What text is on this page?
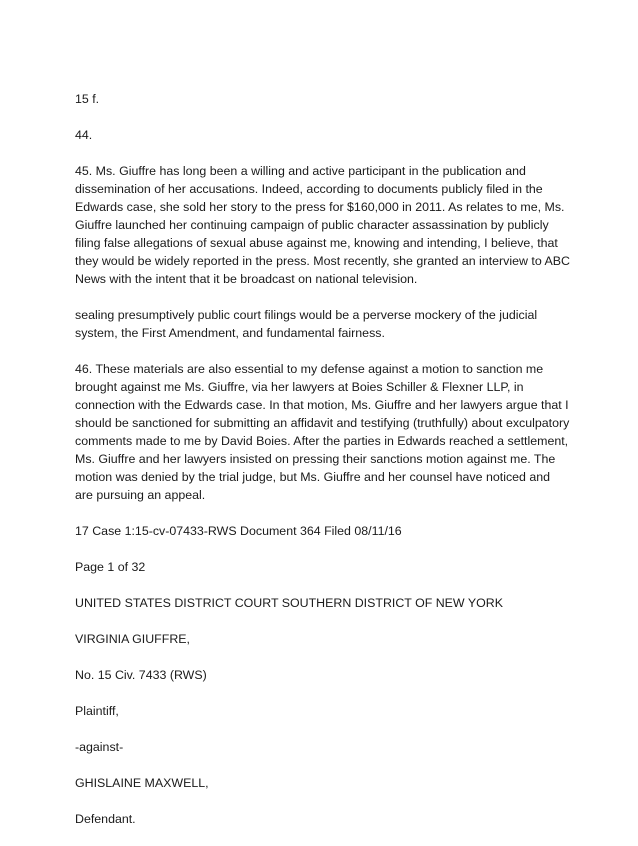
15 f.

44.

45. Ms. Giuffre has long been a willing and active participant in the publication and dissemination of her accusations. Indeed, according to documents publicly filed in the Edwards case, she sold her story to the press for $160,000 in 2011. As relates to me, Ms. Giuffre launched her continuing campaign of public character assassination by publicly filing false allegations of sexual abuse against me, knowing and intending, I believe, that they would be widely reported in the press. Most recently, she granted an interview to ABC News with the intent that it be broadcast on national television.

sealing presumptively public court filings would be a perverse mockery of the judicial system, the First Amendment, and fundamental fairness.

46. These materials are also essential to my defense against a motion to sanction me brought against me Ms. Giuffre, via her lawyers at Boies Schiller & Flexner LLP, in connection with the Edwards case. In that motion, Ms. Giuffre and her lawyers argue that I should be sanctioned for submitting an affidavit and testifying (truthfully) about exculpatory comments made to me by David Boies. After the parties in Edwards reached a settlement, Ms. Giuffre and her lawyers insisted on pressing their sanctions motion against me. The motion was denied by the trial judge, but Ms. Giuffre and her counsel have noticed and are pursuing an appeal.

17 Case 1:15-cv-07433-RWS Document 364 Filed 08/11/16

Page 1 of 32

UNITED STATES DISTRICT COURT SOUTHERN DISTRICT OF NEW YORK

VIRGINIA GIUFFRE,

No. 15 Civ. 7433 (RWS)

Plaintiff,

-against-

GHISLAINE MAXWELL,

Defendant.
